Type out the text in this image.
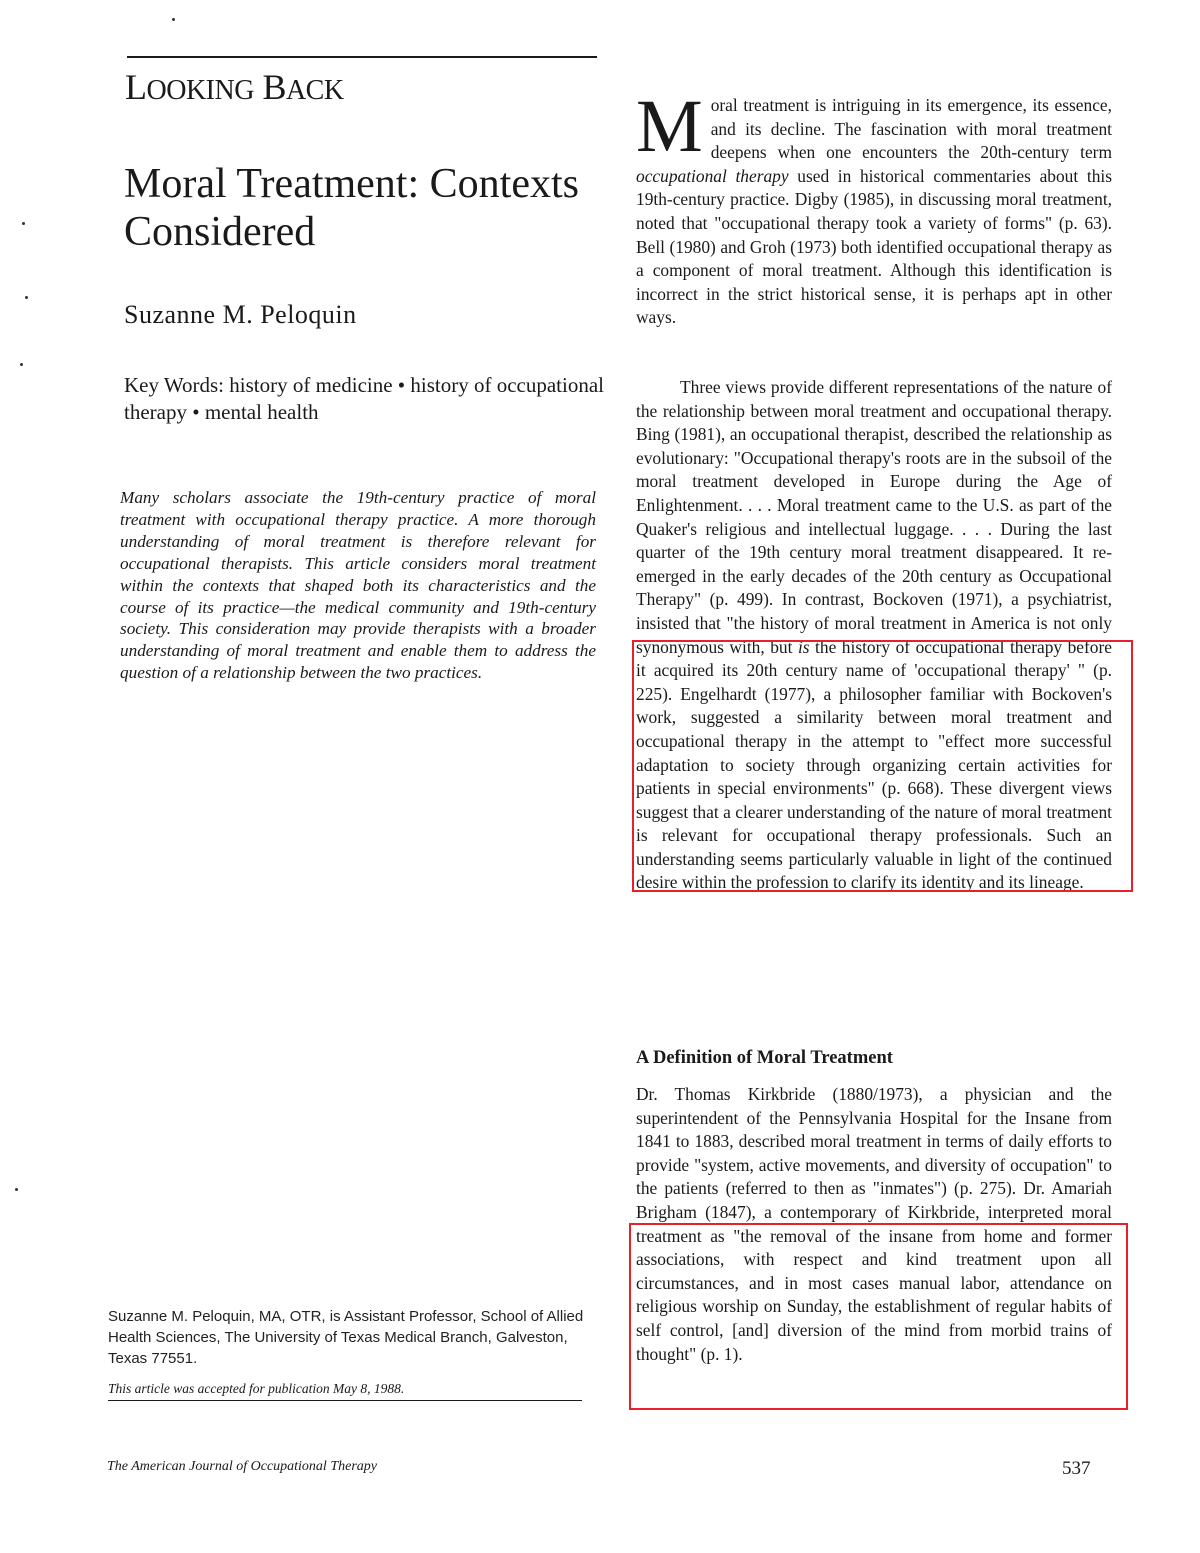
LOOKING BACK
Moral Treatment: Contexts Considered
Suzanne M. Peloquin
Key Words: history of medicine • history of occupational therapy • mental health
Many scholars associate the 19th-century practice of moral treatment with occupational therapy practice. A more thorough understanding of moral treatment is therefore relevant for occupational therapists. This article considers moral treatment within the contexts that shaped both its characteristics and the course of its practice—the medical community and 19th-century society. This consideration may provide therapists with a broader understanding of moral treatment and enable them to address the question of a relationship between the two practices.
Suzanne M. Peloquin, MA, OTR, is Assistant Professor, School of Allied Health Sciences, The University of Texas Medical Branch, Galveston, Texas 77551.
This article was accepted for publication May 8, 1988.

Moral treatment is intriguing in its emergence, its essence, and its decline. The fascination with moral treatment deepens when one encounters the 20th-century term occupational therapy used in historical commentaries about this 19th-century practice. Digby (1985), in discussing moral treatment, noted that "occupational therapy took a variety of forms" (p. 63). Bell (1980) and Groh (1973) both identified occupational therapy as a component of moral treatment. Although this identification is incorrect in the strict historical sense, it is perhaps apt in other ways.

Three views provide different representations of the nature of the relationship between moral treatment and occupational therapy. Bing (1981), an occupational therapist, described the relationship as evolutionary: "Occupational therapy's roots are in the subsoil of the moral treatment developed in Europe during the Age of Enlightenment. . . . Moral treatment came to the U.S. as part of the Quaker's religious and intellectual luggage. . . . During the last quarter of the 19th century moral treatment disappeared. It re-emerged in the early decades of the 20th century as Occupational Therapy" (p. 499). In contrast, Bockoven (1971), a psychiatrist, insisted that "the history of moral treatment in America is not only synonymous with, but is the history of occupational therapy before it acquired its 20th century name of 'occupational therapy' " (p. 225). Engelhardt (1977), a philosopher familiar with Bockoven's work, suggested a similarity between moral treatment and occupational therapy in the attempt to "effect more successful adaptation to society through organizing certain activities for patients in special environments" (p. 668). These divergent views suggest that a clearer understanding of the nature of moral treatment is relevant for occupational therapy professionals. Such an understanding seems particularly valuable in light of the continued desire within the profession to clarify its identity and its lineage.

A Definition of Moral Treatment

Dr. Thomas Kirkbride (1880/1973), a physician and the superintendent of the Pennsylvania Hospital for the Insane from 1841 to 1883, described moral treatment in terms of daily efforts to provide "system, active movements, and diversity of occupation" to the patients (referred to then as "inmates") (p. 275). Dr. Amariah Brigham (1847), a contemporary of Kirkbride, interpreted moral treatment as "the removal of the insane from home and former associations, with respect and kind treatment upon all circumstances, and in most cases manual labor, attendance on religious worship on Sunday, the establishment of regular habits of self control, [and] diversion of the mind from morbid trains of thought" (p. 1).

The American Journal of Occupational Therapy	537
